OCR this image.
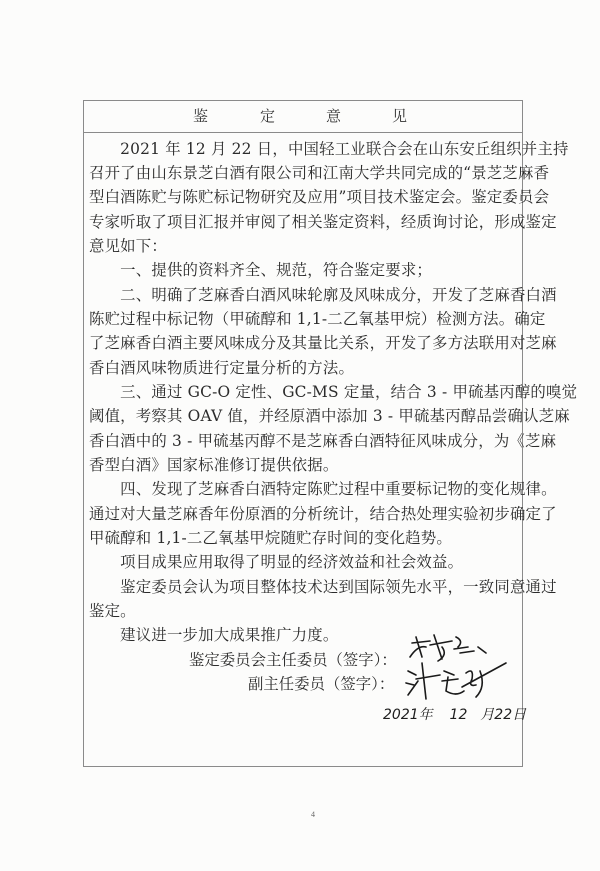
鉴	定	意	见
　　2021 年 12 月 22 日，中国轻工业联合会在山东安丘组织并主持
召开了由山东景芝白酒有限公司和江南大学共同完成的“景芝芝麻香
型白酒陈贮与陈贮标记物研究及应用”项目技术鉴定会。鉴定委员会
专家听取了项目汇报并审阅了相关鉴定资料，经质询讨论，形成鉴定
意见如下：
　　一、提供的资料齐全、规范，符合鉴定要求；
　　二、明确了芝麻香白酒风味轮廓及风味成分，开发了芝麻香白酒
陈贮过程中标记物（甲硫醇和 1,1-二乙氧基甲烷）检测方法。确定
了芝麻香白酒主要风味成分及其量比关系，开发了多方法联用对芝麻
香白酒风味物质进行定量分析的方法。
　　三、通过 GC-O 定性、GC-MS 定量，结合 3 - 甲硫基丙醇的嗅觉
阈值，考察其 OAV 值，并经原酒中添加 3 - 甲硫基丙醇品尝确认芝麻
香白酒中的 3 - 甲硫基丙醇不是芝麻香白酒特征风味成分，为《芝麻
香型白酒》国家标准修订提供依据。
　　四、发现了芝麻香白酒特定陈贮过程中重要标记物的变化规律。
通过对大量芝麻香年份原酒的分析统计，结合热处理实验初步确定了
甲硫醇和 1,1-二乙氧基甲烷随贮存时间的变化趋势。
　　项目成果应用取得了明显的经济效益和社会效益。
　　鉴定委员会认为项目整体技术达到国际领先水平，一致同意通过
鉴定。
　　建议进一步加大成果推广力度。
鉴定委员会主任委员（签字）：
副主任委员（签字）：
2021年 12 月22日
4
